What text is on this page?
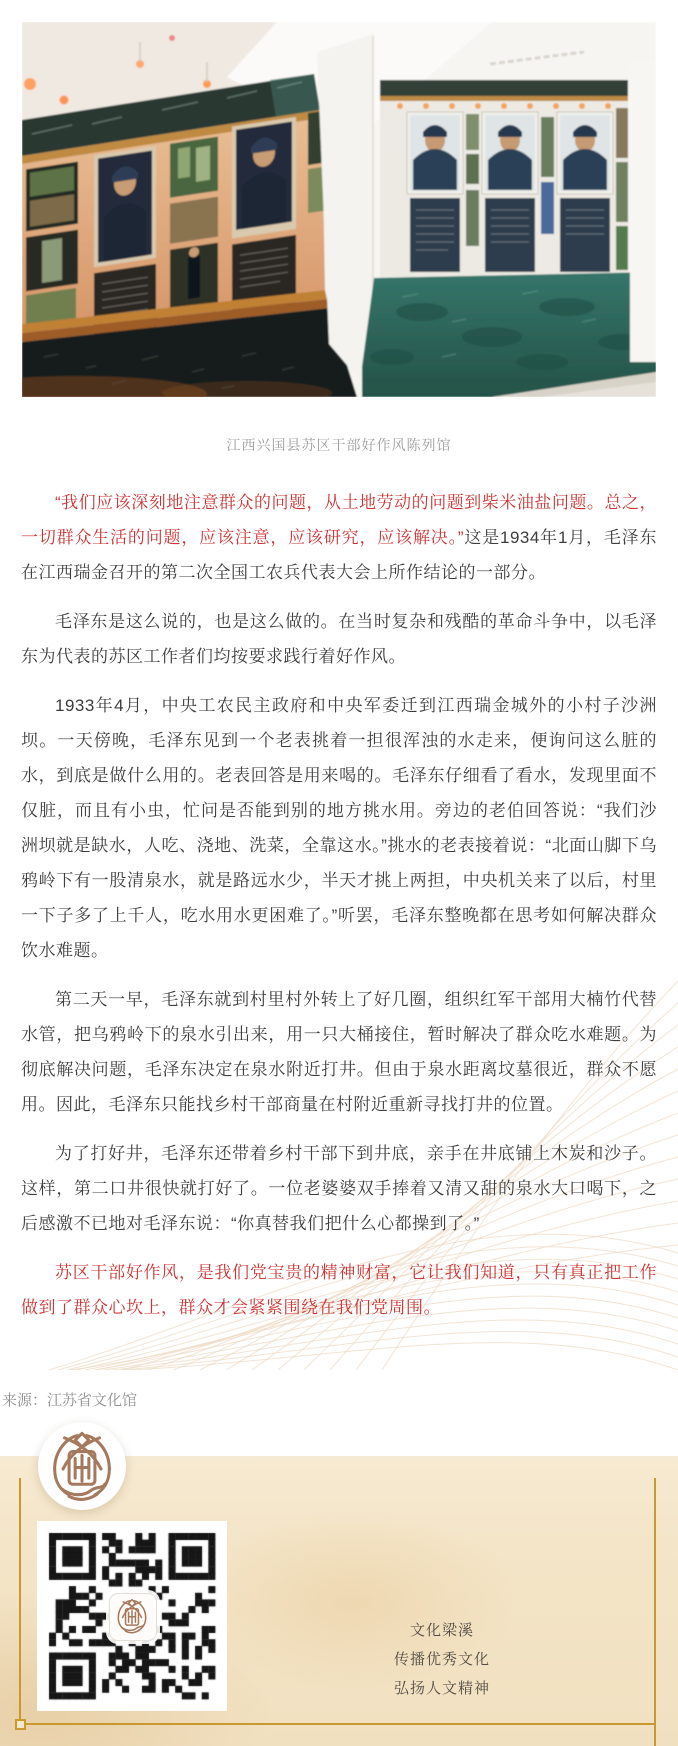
江西兴国县苏区干部好作风陈列馆

“我们应该深刻地注意群众的问题，从土地劳动的问题到柴米油盐问题。总之，一切群众生活的问题，应该注意，应该研究，应该解决。”这是1934年1月，毛泽东在江西瑞金召开的第二次全国工农兵代表大会上所作结论的一部分。

毛泽东是这么说的，也是这么做的。在当时复杂和残酷的革命斗争中，以毛泽东为代表的苏区工作者们均按要求践行着好作风。

1933年4月，中央工农民主政府和中央军委迁到江西瑞金城外的小村子沙洲坝。一天傍晚，毛泽东见到一个老表挑着一担很浑浊的水走来，便询问这么脏的水，到底是做什么用的。老表回答是用来喝的。毛泽东仔细看了看水，发现里面不仅脏，而且有小虫，忙问是否能到别的地方挑水用。旁边的老伯回答说：“我们沙洲坝就是缺水，人吃、浇地、洗菜，全靠这水。”挑水的老表接着说：“北面山脚下乌鸦岭下有一股清泉水，就是路远水少，半天才挑上两担，中央机关来了以后，村里一下子多了上千人，吃水用水更困难了。”听罢，毛泽东整晚都在思考如何解决群众饮水难题。

第二天一早，毛泽东就到村里村外转上了好几圈，组织红军干部用大楠竹代替水管，把乌鸦岭下的泉水引出来，用一只大桶接住，暂时解决了群众吃水难题。为彻底解决问题，毛泽东决定在泉水附近打井。但由于泉水距离坟墓很近，群众不愿用。因此，毛泽东只能找乡村干部商量在村附近重新寻找打井的位置。

为了打好井，毛泽东还带着乡村干部下到井底，亲手在井底铺上木炭和沙子。这样，第二口井很快就打好了。一位老婆婆双手捧着又清又甜的泉水大口喝下，之后感激不已地对毛泽东说：“你真替我们把什么心都操到了。”

苏区干部好作风，是我们党宝贵的精神财富，它让我们知道，只有真正把工作做到了群众心坎上，群众才会紧紧围绕在我们党周围。

来源：江苏省文化馆
文化梁溪
传播优秀文化
弘扬人文精神
